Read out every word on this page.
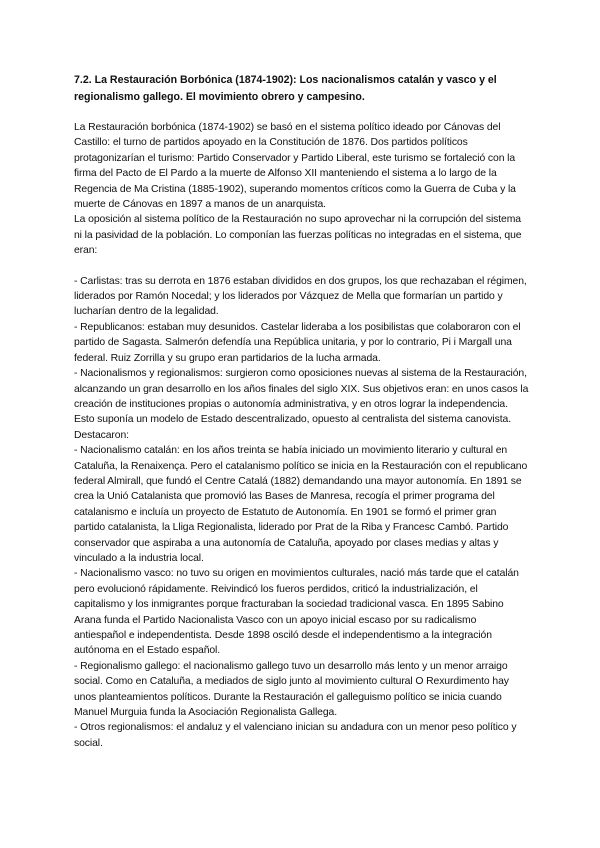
7.2. La Restauración Borbónica (1874-1902): Los nacionalismos catalán y vasco y el regionalismo gallego. El movimiento obrero y campesino.

La Restauración borbónica (1874-1902) se basó en el sistema político ideado por Cánovas del Castillo: el turno de partidos apoyado en la Constitución de 1876. Dos partidos políticos protagonizarían el turismo: Partido Conservador y Partido Liberal, este turismo se fortaleció con la firma del Pacto de El Pardo a la muerte de Alfonso XII manteniendo el sistema a lo largo de la Regencia de Ma Cristina (1885-1902), superando momentos críticos como la Guerra de Cuba y la muerte de Cánovas en 1897 a manos de un anarquista.

La oposición al sistema político de la Restauración no supo aprovechar ni la corrupción del sistema ni la pasividad de la población. Lo componían las fuerzas políticas no integradas en el sistema, que eran:

- Carlistas: tras su derrota en 1876 estaban divididos en dos grupos, los que rechazaban el régimen, liderados por Ramón Nocedal; y los liderados por Vázquez de Mella que formarían un partido y lucharían dentro de la legalidad.

- Republicanos: estaban muy desunidos. Castelar lideraba a los posibilistas que colaboraron con el partido de Sagasta. Salmerón defendía una República unitaria, y por lo contrario, Pi i Margall una federal. Ruiz Zorrilla y su grupo eran partidarios de la lucha armada.

- Nacionalismos y regionalismos: surgieron como oposiciones nuevas al sistema de la Restauración, alcanzando un gran desarrollo en los años finales del siglo XIX. Sus objetivos eran: en unos casos la creación de instituciones propias o autonomía administrativa, y en otros lograr la independencia. Esto suponía un modelo de Estado descentralizado, opuesto al centralista del sistema canovista. Destacaron:

- Nacionalismo catalán: en los años treinta se había iniciado un movimiento literario y cultural en Cataluña, la Renaixença. Pero el catalanismo político se inicia en la Restauración con el republicano federal Almirall, que fundó el Centre Catalá (1882) demandando una mayor autonomía. En 1891 se crea la Unió Catalanista que promovió las Bases de Manresa, recogía el primer programa del catalanismo e incluía un proyecto de Estatuto de Autonomía. En 1901 se formó el primer gran partido catalanista, la Lliga Regionalista, liderado por Prat de la Riba y Francesc Cambó. Partido conservador que aspiraba a una autonomía de Cataluña, apoyado por clases medias y altas y vinculado a la industria local.

- Nacionalismo vasco: no tuvo su origen en movimientos culturales, nació más tarde que el catalán pero evolucionó rápidamente. Reivindicó los fueros perdidos, criticó la industrialización, el capitalismo y los inmigrantes porque fracturaban la sociedad tradicional vasca. En 1895 Sabino Arana funda el Partido Nacionalista Vasco con un apoyo inicial escaso por su radicalismo antiespañol e independentista. Desde 1898 osciló desde el independentismo a la integración autónoma en el Estado español.

- Regionalismo gallego: el nacionalismo gallego tuvo un desarrollo más lento y un menor arraigo social. Como en Cataluña, a mediados de siglo junto al movimiento cultural O Rexurdimento hay unos planteamientos políticos. Durante la Restauración el galleguismo político se inicia cuando Manuel Murguia funda la Asociación Regionalista Gallega.

- Otros regionalismos: el andaluz y el valenciano inician su andadura con un menor peso político y social.
